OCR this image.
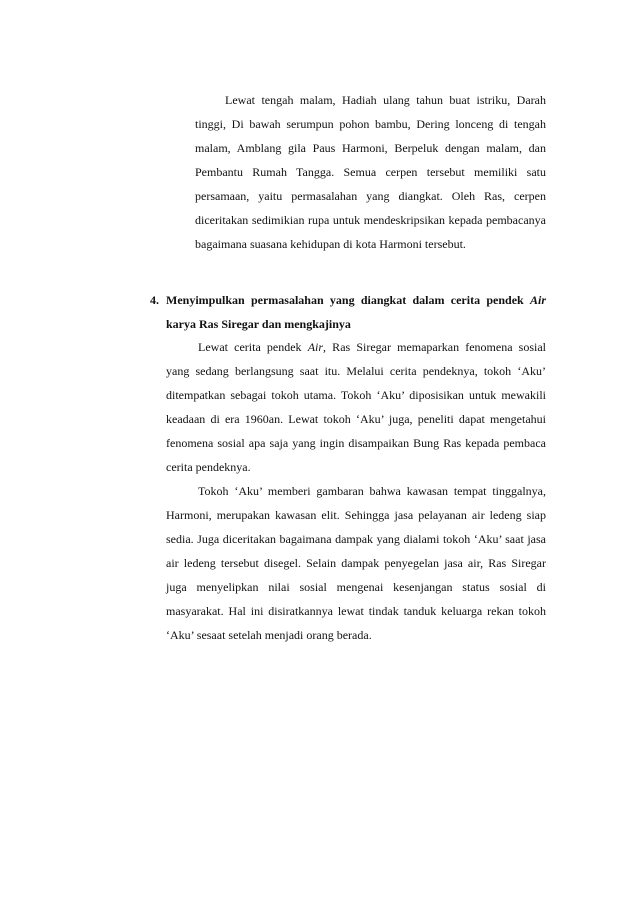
Lewat tengah malam, Hadiah ulang tahun buat istriku, Darah tinggi, Di bawah serumpun pohon bambu, Dering lonceng di tengah malam, Amblang gila Paus Harmoni, Berpeluk dengan malam, dan Pembantu Rumah Tangga. Semua cerpen tersebut memiliki satu persamaan, yaitu permasalahan yang diangkat. Oleh Ras, cerpen diceritakan sedimikian rupa untuk mendeskripsikan kepada pembacanya bagaimana suasana kehidupan di kota Harmoni tersebut.

4. Menyimpulkan permasalahan yang diangkat dalam cerita pendek Air karya Ras Siregar dan mengkajinya

Lewat cerita pendek Air, Ras Siregar memaparkan fenomena sosial yang sedang berlangsung saat itu. Melalui cerita pendeknya, tokoh ‘Aku’ ditempatkan sebagai tokoh utama. Tokoh ‘Aku’ diposisikan untuk mewakili keadaan di era 1960an. Lewat tokoh ‘Aku’ juga, peneliti dapat mengetahui fenomena sosial apa saja yang ingin disampaikan Bung Ras kepada pembaca cerita pendeknya.

Tokoh ‘Aku’ memberi gambaran bahwa kawasan tempat tinggalnya, Harmoni, merupakan kawasan elit. Sehingga jasa pelayanan air ledeng siap sedia. Juga diceritakan bagaimana dampak yang dialami tokoh ‘Aku’ saat jasa air ledeng tersebut disegel. Selain dampak penyegelan jasa air, Ras Siregar juga menyelipkan nilai sosial mengenai kesenjangan status sosial di masyarakat. Hal ini disiratkannya lewat tindak tanduk keluarga rekan tokoh ‘Aku’ sesaat setelah menjadi orang berada.
